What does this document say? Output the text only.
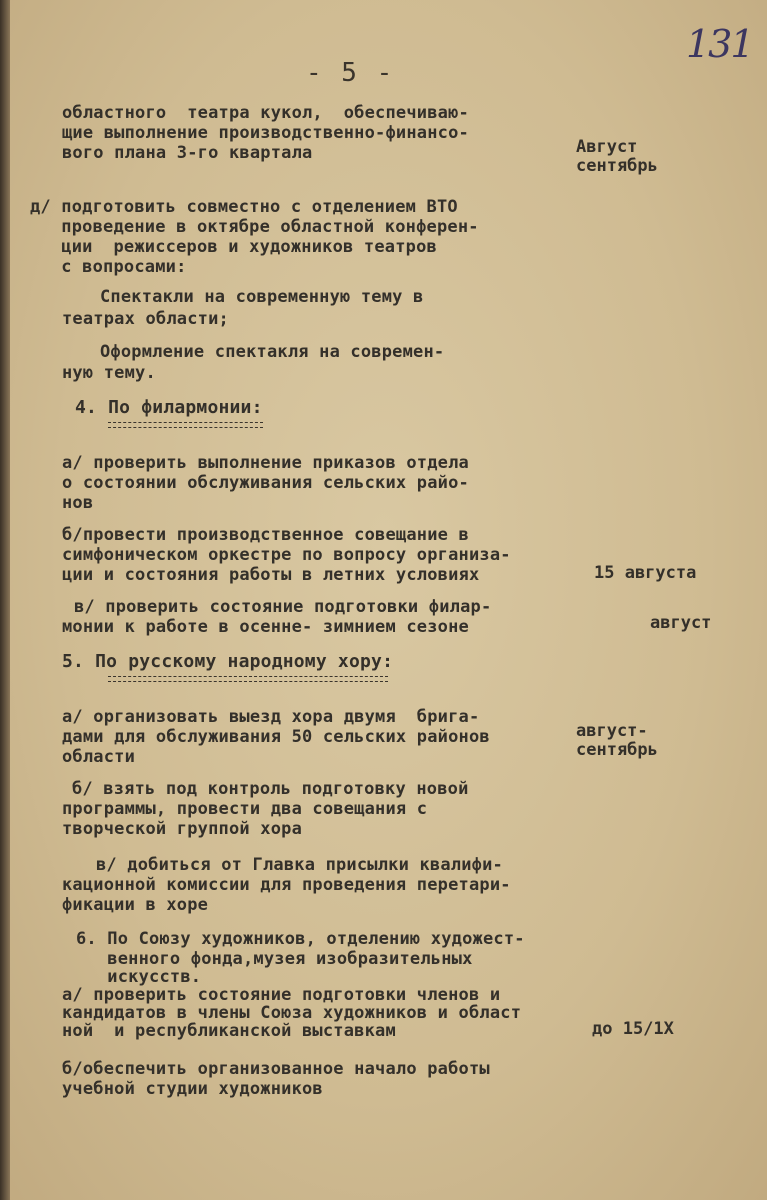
131
- 5 -
областного  театра кукол,  обеспечиваю-
щие выполнение производственно-финансо-
вого плана 3-го квартала	Август
сентябрь
д/ подготовить совместно с отделением ВТО
проведение в октябре областной конферен-
ции  режиссеров и художников театров
с вопросами:
Спектакли на современную тему в
театрах области;
Оформление спектакля на современ-
ную тему.
4. По филармонии:
а/ проверить выполнение приказов отдела
о состоянии обслуживания сельских райо-
нов
б/провести производственное совещание в
симфоническом оркестре по вопросу организа-
ции и состояния работы в летних условиях	15 августа
в/ проверить состояние подготовки филар-
монии к работе в осенне- зимнием сезоне	август
5. По русскому народному хору:
а/ организовать выезд хора двумя  брига-
дами для обслуживания 50 сельских районов
области
август-
сентябрь
б/ взять под контроль подготовку новой
программы, провести два совещания с
творческой группой хора
в/ добиться от Главка присылки квалифи-
кационной комиссии для проведения перетари-
фикации в хоре
6. По Союзу художников, отделению художест-
венного фонда,музея изобразительных
искусств.
а/ проверить состояние подготовки членов и
кандидатов в члены Союза художников и област
ной  и республиканской выставкам	до 15/1X
б/обеспечить организованное начало работы
учебной студии художников
